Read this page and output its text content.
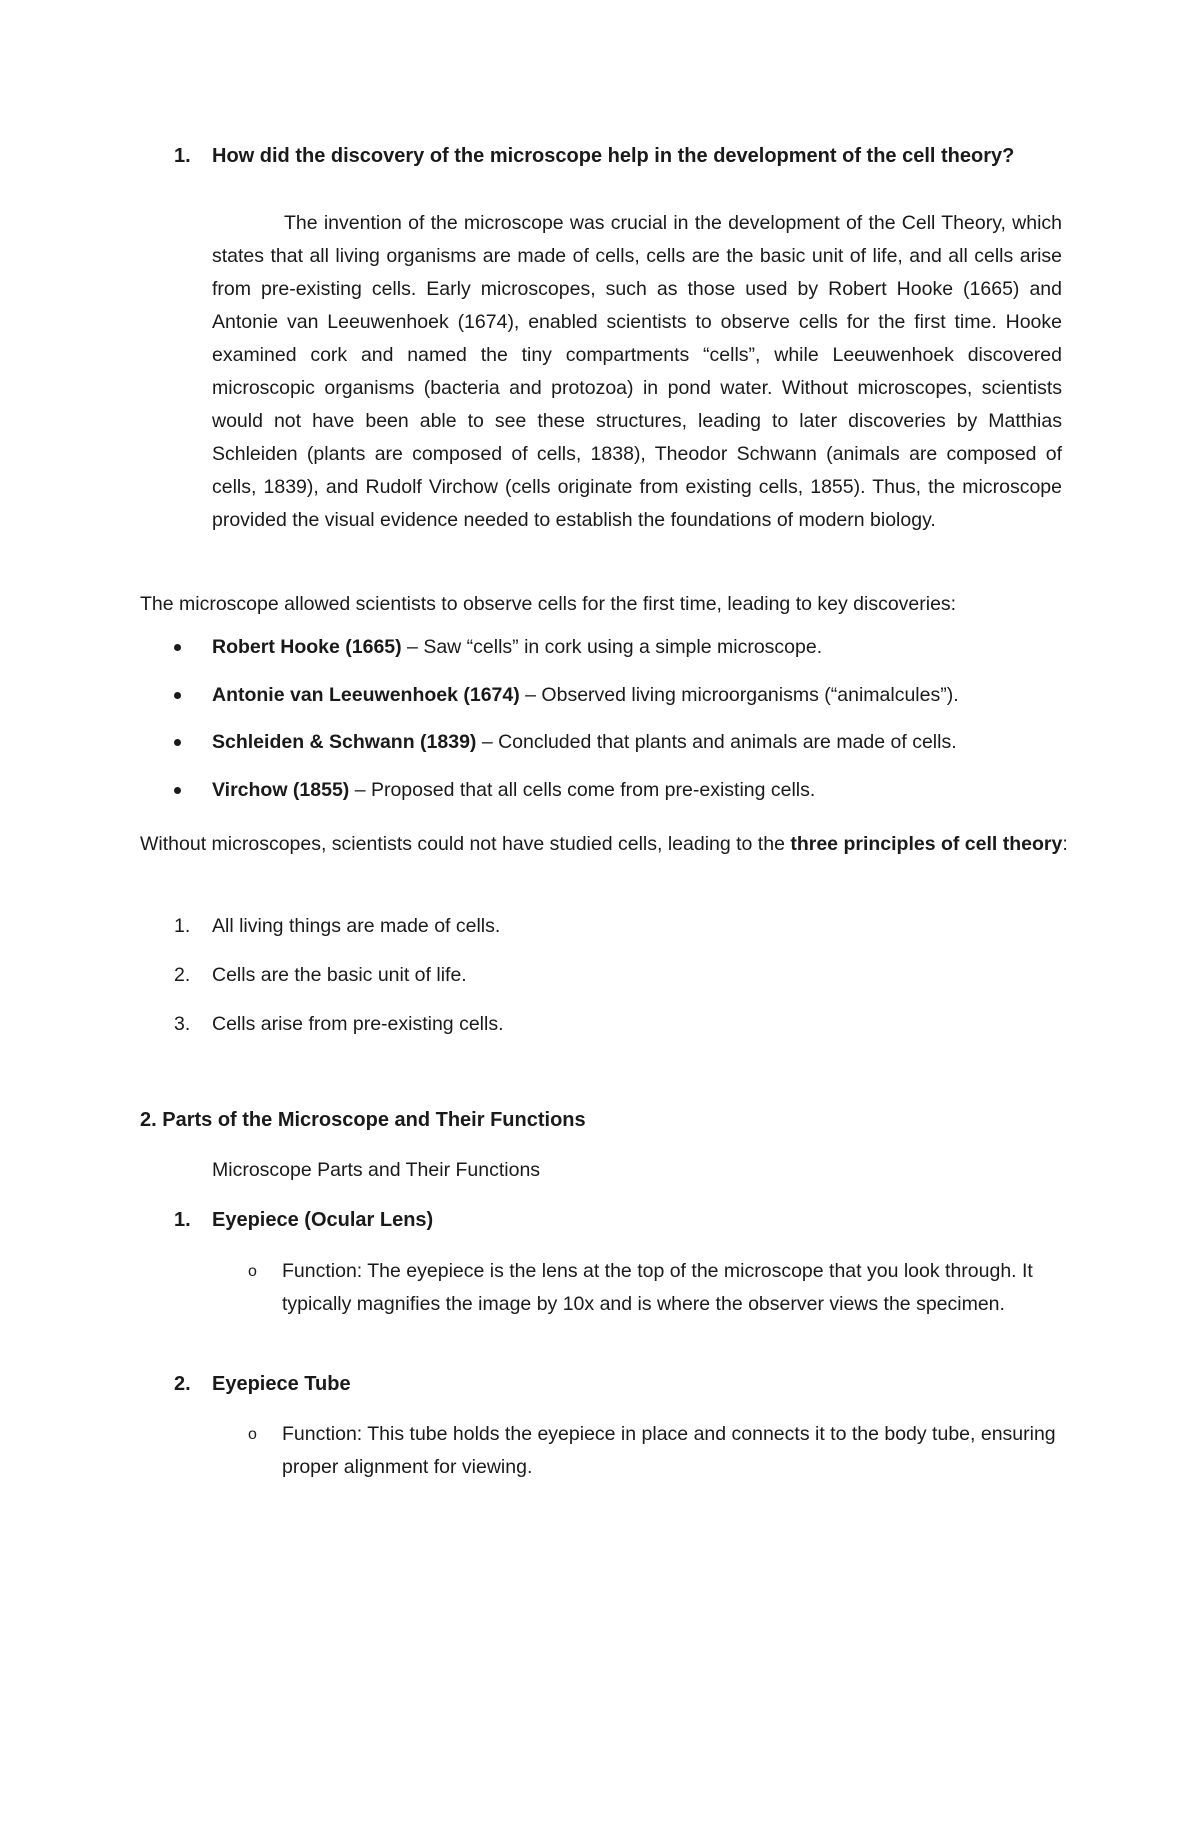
1. How did the discovery of the microscope help in the development of the cell theory?

The invention of the microscope was crucial in the development of the Cell Theory, which states that all living organisms are made of cells, cells are the basic unit of life, and all cells arise from pre-existing cells. Early microscopes, such as those used by Robert Hooke (1665) and Antonie van Leeuwenhoek (1674), enabled scientists to observe cells for the first time. Hooke examined cork and named the tiny compartments “cells”, while Leeuwenhoek discovered microscopic organisms (bacteria and protozoa) in pond water. Without microscopes, scientists would not have been able to see these structures, leading to later discoveries by Matthias Schleiden (plants are composed of cells, 1838), Theodor Schwann (animals are composed of cells, 1839), and Rudolf Virchow (cells originate from existing cells, 1855). Thus, the microscope provided the visual evidence needed to establish the foundations of modern biology.

The microscope allowed scientists to observe cells for the first time, leading to key discoveries:

Robert Hooke (1665) – Saw “cells” in cork using a simple microscope.
Antonie van Leeuwenhoek (1674) – Observed living microorganisms (“animalcules”).
Schleiden & Schwann (1839) – Concluded that plants and animals are made of cells.
Virchow (1855) – Proposed that all cells come from pre-existing cells.

Without microscopes, scientists could not have studied cells, leading to the three principles of cell theory:

1. All living things are made of cells.
2. Cells are the basic unit of life.
3. Cells arise from pre-existing cells.
2. Parts of the Microscope and Their Functions

Microscope Parts and Their Functions

1. Eyepiece (Ocular Lens)

o	Function: The eyepiece is the lens at the top of the microscope that you look through. It typically magnifies the image by 10x and is where the observer views the specimen.

2. Eyepiece Tube

o	Function: This tube holds the eyepiece in place and connects it to the body tube, ensuring proper alignment for viewing.
